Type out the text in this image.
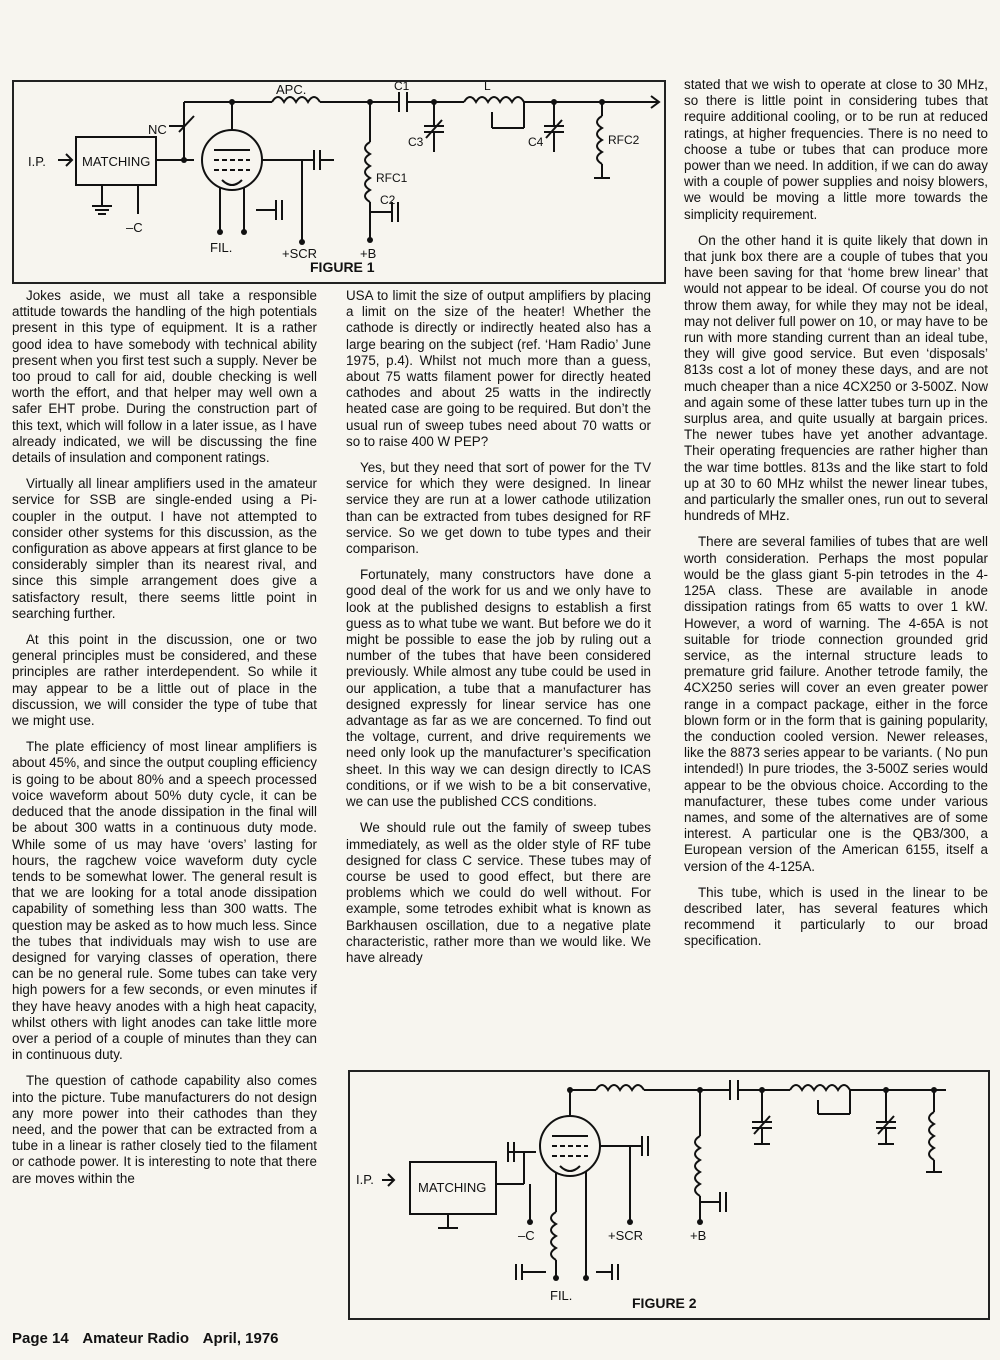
I.P.	MATCHING
–C
NC
APC.	C1	L
C3	C4
RFC1
RFC2
C2
FIL.	+SCR	+B
FIGURE 1

Jokes aside, we must all take a responsible attitude towards the handling of the high potentials present in this type of equipment. It is a rather good idea to have somebody with technical ability present when you first test such a supply. Never be too proud to call for aid, double checking is well worth the effort, and that helper may well own a safer EHT probe. During the construction part of this text, which will follow in a later issue, as I have already indicated, we will be discussing the fine details of insulation and component ratings.

Virtually all linear amplifiers used in the amateur service for SSB are single-ended using a Pi-coupler in the output. I have not attempted to consider other systems for this discussion, as the configuration as above appears at first glance to be considerably simpler than its nearest rival, and since this simple arrangement does give a satisfactory result, there seems little point in searching further.

At this point in the discussion, one or two general principles must be considered, and these principles are rather interdependent. So while it may appear to be a little out of place in the discussion, we will consider the type of tube that we might use.

The plate efficiency of most linear amplifiers is about 45%, and since the output coupling efficiency is going to be about 80% and a speech processed voice waveform about 50% duty cycle, it can be deduced that the anode dissipation in the final will be about 300 watts in a continuous duty mode. While some of us may have ‘overs’ lasting for hours, the ragchew voice waveform duty cycle tends to be somewhat lower. The general result is that we are looking for a total anode dissipation capability of something less than 300 watts. The question may be asked as to how much less. Since the tubes that individuals may wish to use are designed for varying classes of operation, there can be no general rule. Some tubes can take very high powers for a few seconds, or even minutes if they have heavy anodes with a high heat capacity, whilst others with light anodes can take little more over a period of a couple of minutes than they can in continuous duty.

The question of cathode capability also comes into the picture. Tube manufacturers do not design any more power into their cathodes than they need, and the power that can be extracted from a tube in a linear is rather closely tied to the filament or cathode power. It is interesting to note that there are moves within the

USA to limit the size of output amplifiers by placing a limit on the size of the heater! Whether the cathode is directly or indirectly heated also has a large bearing on the subject (ref. ‘Ham Radio’ June 1975, p.4). Whilst not much more than a guess, about 75 watts filament power for directly heated cathodes and about 25 watts in the indirectly heated case are going to be required. But don’t the usual run of sweep tubes need about 70 watts or so to raise 400 W PEP?

Yes, but they need that sort of power for the TV service for which they were designed. In linear service they are run at a lower cathode utilization than can be extracted from tubes designed for RF service. So we get down to tube types and their comparison.

Fortunately, many constructors have done a good deal of the work for us and we only have to look at the published designs to establish a first guess as to what tube we want. But before we do it might be possible to ease the job by ruling out a number of the tubes that have been considered previously. While almost any tube could be used in our application, a tube that a manufacturer has designed expressly for linear service has one advantage as far as we are concerned. To find out the voltage, current, and drive requirements we need only look up the manufacturer’s specification sheet. In this way we can design directly to ICAS conditions, or if we wish to be a bit conservative, we can use the published CCS conditions.

We should rule out the family of sweep tubes immediately, as well as the older style of RF tube designed for class C service. These tubes may of course be used to good effect, but there are problems which we could do well without. For example, some tetrodes exhibit what is known as Barkhausen oscillation, due to a negative plate characteristic, rather more than we would like. We have already

stated that we wish to operate at close to 30 MHz, so there is little point in considering tubes that require additional cooling, or to be run at reduced ratings, at higher frequencies. There is no need to choose a tube or tubes that can produce more power than we need. In addition, if we can do away with a couple of power supplies and noisy blowers, we would be moving a little more towards the simplicity requirement.

On the other hand it is quite likely that down in that junk box there are a couple of tubes that you have been saving for that ‘home brew linear’ that would not appear to be ideal. Of course you do not throw them away, for while they may not be ideal, may not deliver full power on 10, or may have to be run with more standing current than an ideal tube, they will give good service. But even ‘disposals’ 813s cost a lot of money these days, and are not much cheaper than a nice 4CX250 or 3-500Z. Now and again some of these latter tubes turn up in the surplus area, and quite usually at bargain prices. The newer tubes have yet another advantage. Their operating frequencies are rather higher than the war time bottles. 813s and the like start to fold up at 30 to 60 MHz whilst the newer linear tubes, and particularly the smaller ones, run out to several hundreds of MHz.

There are several families of tubes that are well worth consideration. Perhaps the most popular would be the glass giant 5-pin tetrodes in the 4-125A class. These are available in anode dissipation ratings from 65 watts to over 1 kW. However, a word of warning. The 4-65A is not suitable for triode connection grounded grid service, as the internal structure leads to premature grid failure. Another tetrode family, the 4CX250 series will cover an even greater power range in a compact package, either in the force blown form or in the form that is gaining popularity, the conduction cooled version. Newer releases, like the 8873 series appear to be variants. ( No pun intended!) In pure triodes, the 3-500Z series would appear to be the obvious choice. According to the manufacturer, these tubes come under various names, and some of the alternatives are of some interest. A particular one is the QB3/300, a European version of the American 6155, itself a version of the 4-125A.

This tube, which is used in the linear to be described later, has several features which recommend it particularly to our broad specification.

I.P.
MATCHING
–C	+SCR	+B
FIL.	FIGURE 2
Page 14 Amateur Radio April, 1976
